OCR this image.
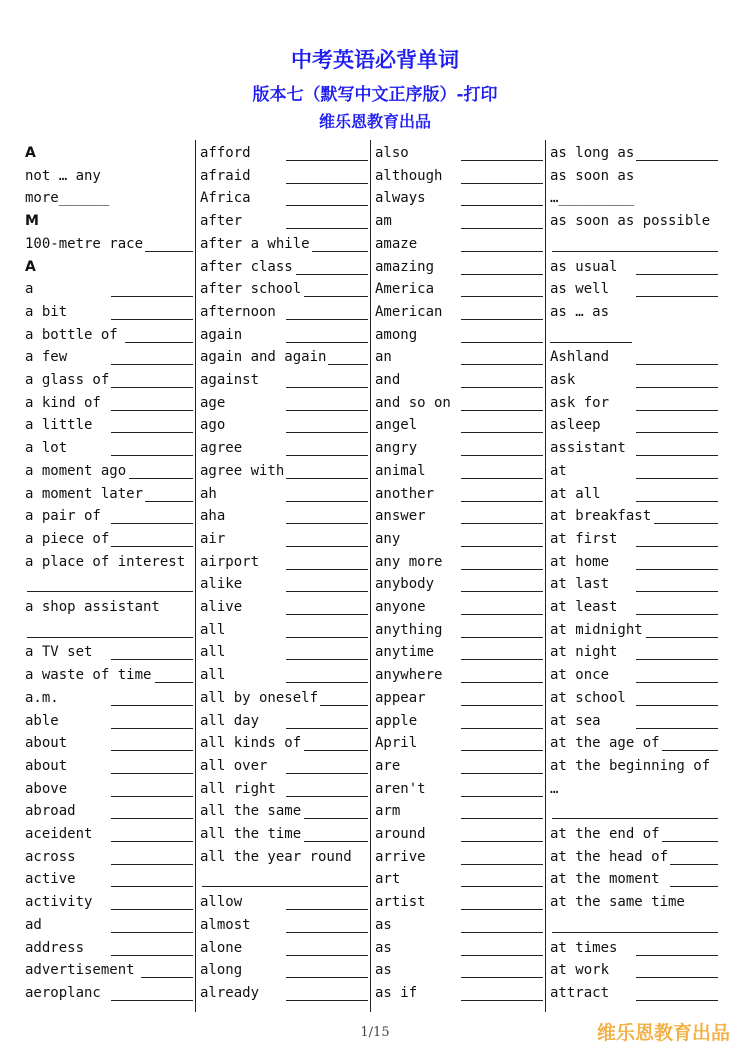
中考英语必背单词
版本七（默写中文正序版）-打印
维乐恩教育出品
A
not … any
more______
M
100-metre race
A
a
a bit
a bottle of
a few
a glass of
a kind of
a little
a lot
a moment ago
a moment later
a pair of
a piece of
a place of interest
a shop assistant
a TV set
a waste of time
a.m.
able
about
about
above
abroad
aceident
across
active
activity
ad
address
advertisement
aeroplanc
afford
afraid
Africa
after
after a while
after class
after school
afternoon
again
again and again
against
age
ago
agree
agree with
ah
aha
air
airport
alike
alive
all
all
all
all by oneself
all day
all kinds of
all over
all right
all the same
all the time
all the year round
allow
almost
alone
along
already
also
although
always
am
amaze
amazing
America
American
among
an
and
and so on
angel
angry
animal
another
answer
any
any more
anybody
anyone
anything
anytime
anywhere
appear
apple
April
are
aren't
arm
around
arrive
art
artist
as
as
as
as if
as long as
as soon as
…_________
as soon as possible
as usual
as well
as … as
Ashland
ask
ask for
asleep
assistant
at
at all
at breakfast
at first
at home
at last
at least
at midnight
at night
at once
at school
at sea
at the age of
at the beginning of
…
at the end of
at the head of
at the moment
at the same time
at times
at work
attract
1/15	维乐恩教育出品
